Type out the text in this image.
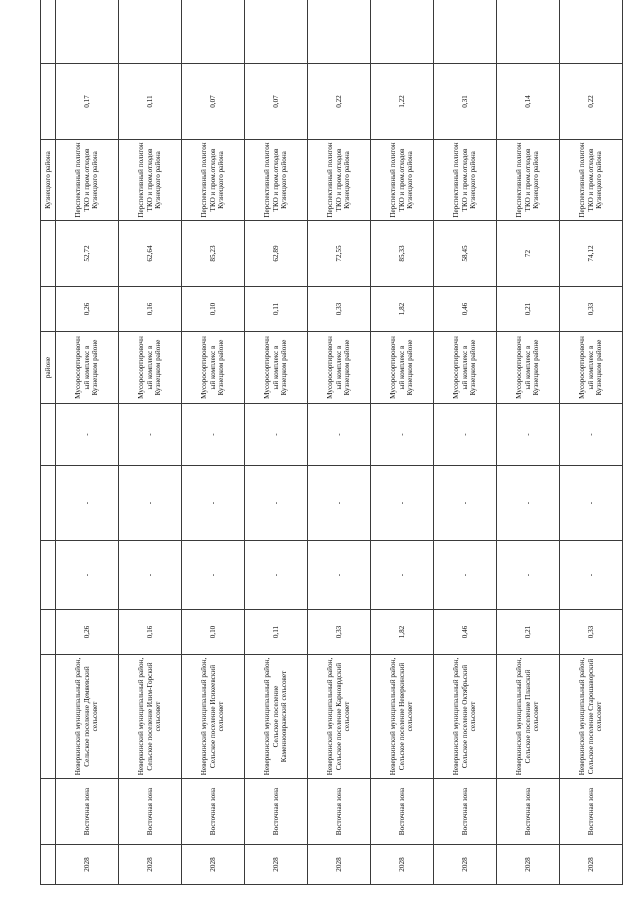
							районе			Кузнецкого района		
2028	Восточная зона	Неверкинский муниципальный район, Сельское поселение Демяевский сельсовет	0,26	-	-	-	Мусоросортировочный комплекс в Кузнецком районе	0,26	52,72	Перспективный полигон ТКО и пром.отходов Кузнецкого района	0,17	
2028	Восточная зона	Неверкинский муниципальный район, Сельское поселение Илим-Горский сельсовет	0,16	-	-	-	Мусоросортировочный комплекс в Кузнецком районе	0,16	62,64	Перспективный полигон ТКО и пром.отходов Кузнецкого района	0,11	
2028	Восточная зона	Неверкинский муниципальный район, Сельское поселение Исикеевский сельсовет	0,10	-	-	-	Мусоросортировочный комплекс в Кузнецком районе	0,10	85,23	Перспективный полигон ТКО и пром.отходов Кузнецкого района	0,07	
2028	Восточная зона	Неверкинский муниципальный район, Сельское поселение Каменноовражский сельсовет	0,11	-	-	-	Мусоросортировочный комплекс в Кузнецком районе	0,11	62,89	Перспективный полигон ТКО и пром.отходов Кузнецкого района	0,07	
2028	Восточная зона	Неверкинский муниципальный район, Сельское поселение Карноврдский сельсовет	0,33	-	-	-	Мусоросортировочный комплекс в Кузнецком районе	0,33	72,55	Перспективный полигон ТКО и пром.отходов Кузнецкого района	0,22	
2028	Восточная зона	Неверкинский муниципальный район, Сельское поселение Неверкинский сельсовет	1,82	-	-	-	Мусоросортировочный комплекс в Кузнецком районе	1,82	85,33	Перспективный полигон ТКО и пром.отходов Кузнецкого района	1,22	
2028	Восточная зона	Неверкинский муниципальный район, Сельское поселение Октябрьский сельсовет	0,46	-	-	-	Мусоросортировочный комплекс в Кузнецком районе	0,46	58,45	Перспективный полигон ТКО и пром.отходов Кузнецкого района	0,31	
2028	Восточная зона	Неверкинский муниципальный район, Сельское поселение Планский сельсовет	0,21	-	-	-	Мусоросортировочный комплекс в Кузнецком районе	0,21	72	Перспективный полигон ТКО и пром.отходов Кузнецкого района	0,14	
2028	Восточная зона	Неверкинский муниципальный район, Сельское поселение Старошаворский сельсовет	0,33	-	-	-	Мусоросортировочный комплекс в Кузнецком районе	0,33	74,12	Перспективный полигон ТКО и пром.отходов Кузнецкого района	0,22	
